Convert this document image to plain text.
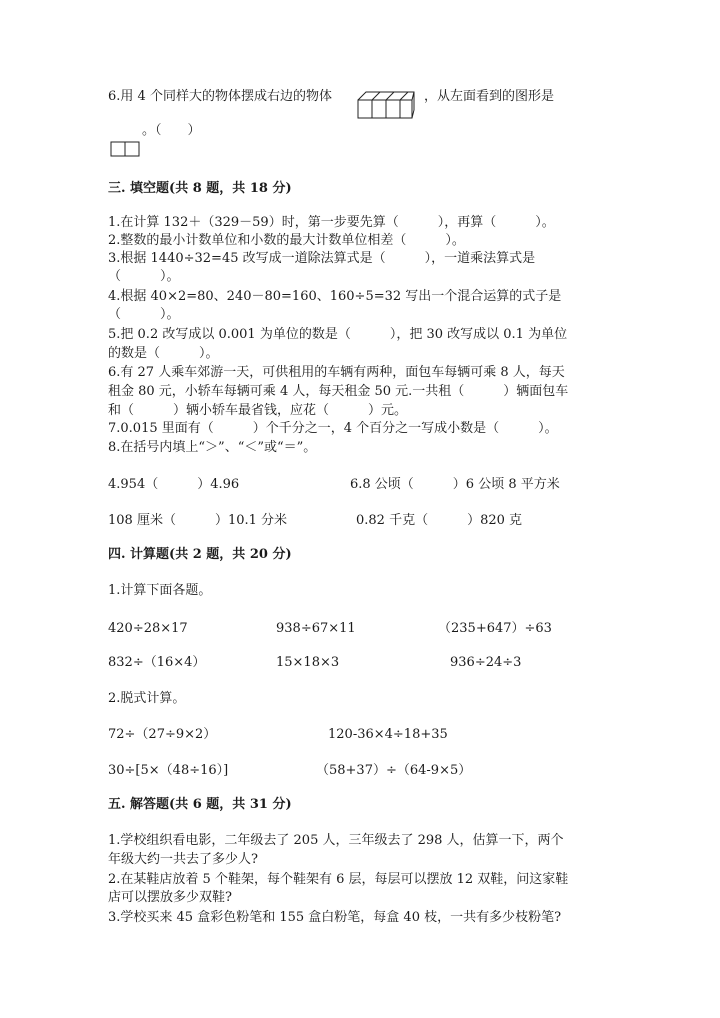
6.用 4 个同样大的物体摆成右边的物体	，从左面看到的图形是
。（　　）
三. 填空题(共 8 题，共 18 分)
1.在计算 132＋（329－59）时，第一步要先算（　　　），再算（　　　）。
2.整数的最小计数单位和小数的最大计数单位相差（　　　）。
3.根据 1440÷32=45 改写成一道除法算式是（　　　），一道乘法算式是
（　　　）。
4.根据 40×2=80、240－80=160、160÷5=32 写出一个混合运算的式子是
（　　　）。
5.把 0.2 改写成以 0.001 为单位的数是（　　　），把 30 改写成以 0.1 为单位
的数是（　　　）。
6.有 27 人乘车郊游一天，可供租用的车辆有两种，面包车每辆可乘 8 人，每天
租金 80 元，小轿车每辆可乘 4 人，每天租金 50 元.一共租（　　　）辆面包车
和（　　　）辆小轿车最省钱，应花（　　　）元。
7.0.015 里面有（　　　）个千分之一，4 个百分之一写成小数是（　　　）。
8.在括号内填上“＞”、“＜”或“＝”。
4.954（　　　）4.96	6.8 公顷（　　　）6 公顷 8 平方米
108 厘米（　　　）10.1 分米	0.82 千克（　　　）820 克
四. 计算题(共 2 题，共 20 分)
1.计算下面各题。
420÷28×17	938÷67×11	（235+647）÷63
832÷（16×4）	15×18×3	936÷24÷3
2.脱式计算。
72÷（27÷9×2）	120-36×4÷18+35
30÷[5×（48÷16）]	（58+37）÷（64-9×5）
五. 解答题(共 6 题，共 31 分)
1.学校组织看电影，二年级去了 205 人，三年级去了 298 人，估算一下，两个
年级大约一共去了多少人?
2.在某鞋店放着 5 个鞋架，每个鞋架有 6 层，每层可以摆放 12 双鞋，问这家鞋
店可以摆放多少双鞋?
3.学校买来 45 盒彩色粉笔和 155 盒白粉笔，每盒 40 枝，一共有多少枝粉笔?
